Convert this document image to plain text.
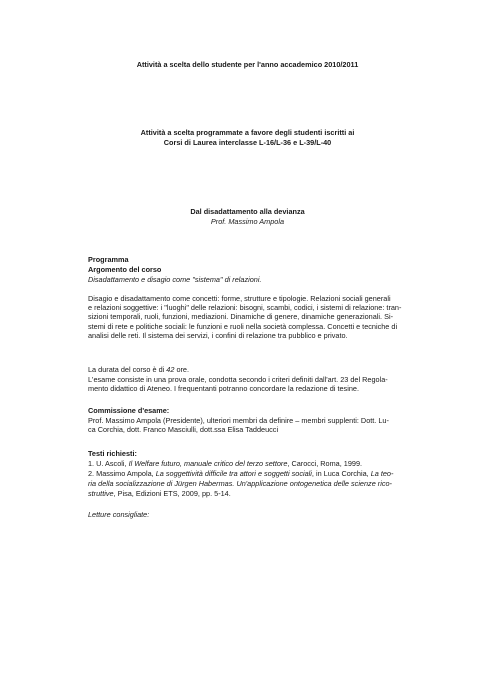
Attività a scelta dello studente per l'anno accademico 2010/2011
Attività a scelta programmate a favore degli studenti iscritti ai
Corsi di Laurea interclasse L-16/L-36 e L-39/L-40
Dal disadattamento alla devianza
Prof. Massimo Ampola
Programma
Argomento del corso
Disadattamento e disagio come "sistema" di relazioni.
Disagio e disadattamento come concetti: forme, strutture e tipologie. Relazioni sociali generali
e relazioni soggettive: i "luoghi" delle relazioni: bisogni, scambi, codici, i sistemi di relazione: tran-
sizioni temporali, ruoli, funzioni, mediazioni. Dinamiche di genere, dinamiche generazionali. Si-
stemi di rete e politiche sociali: le funzioni e ruoli nella società complessa. Concetti e tecniche di
analisi delle reti. Il sistema dei servizi, i confini di relazione tra pubblico e privato.
La durata del corso è di 42 ore.
L'esame consiste in una prova orale, condotta secondo i criteri definiti dall'art. 23 del Regola-
mento didattico di Ateneo. I frequentanti potranno concordare la redazione di tesine.
Commissione d'esame:
Prof. Massimo Ampola (Presidente), ulteriori membri da definire – membri supplenti: Dott. Lu-
ca Corchia, dott. Franco Masciulli, dott.ssa Elisa Taddeucci
Testi richiesti:
1. U. Ascoli, Il Welfare futuro, manuale critico del terzo settore, Carocci, Roma, 1999.
2. Massimo Ampola, La soggettività difficile tra attori e soggetti sociali, in Luca Corchia, La teo-
ria della socializzazione di Jürgen Habermas. Un'applicazione ontogenetica delle scienze rico-
struttive, Pisa, Edizioni ETS, 2009, pp. 5-14.
Letture consigliate:
